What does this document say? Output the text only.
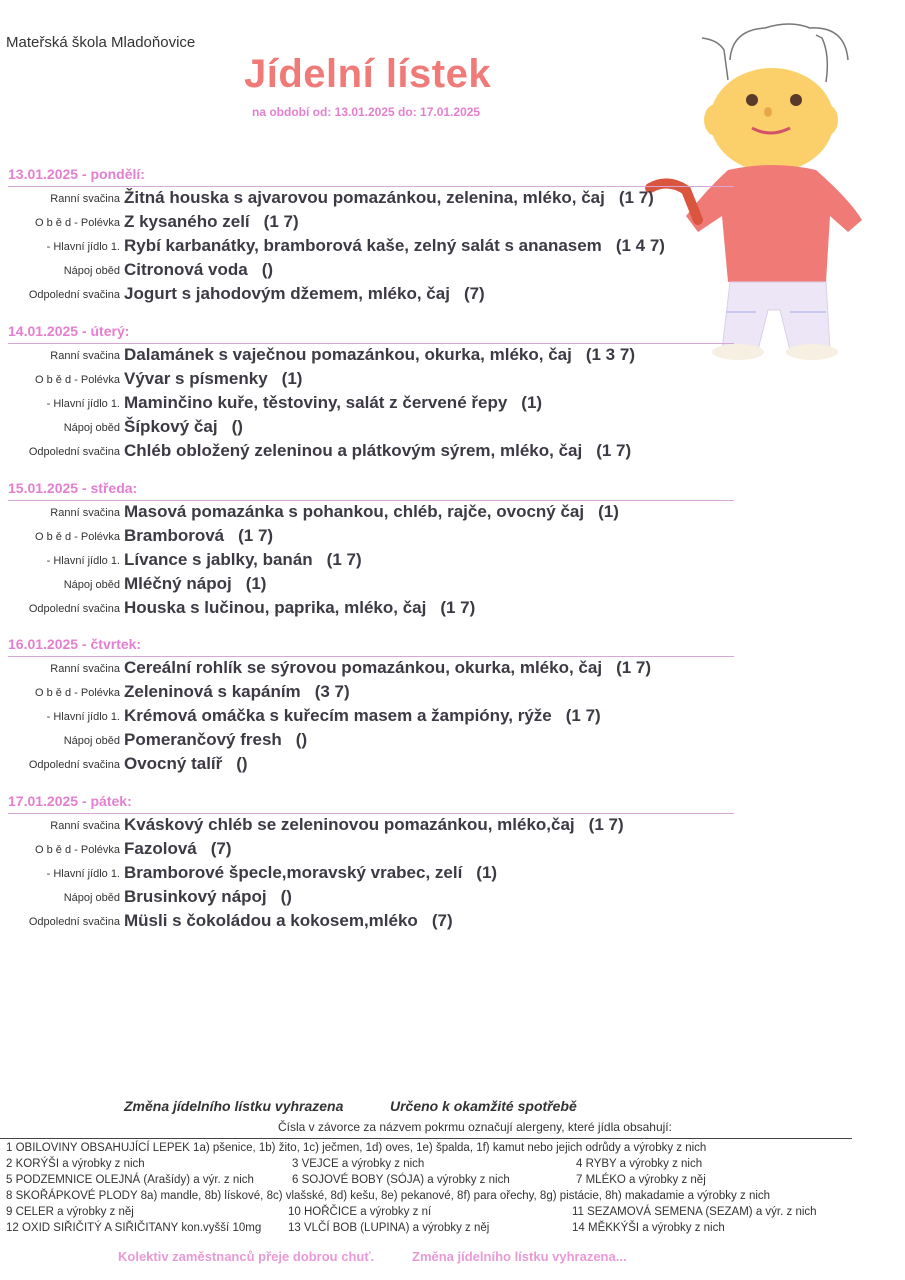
Mateřská škola Mladoňovice
Jídelní lístek
na období od: 13.01.2025 do: 17.01.2025
13.01.2025 - pondělí:
Ranní svačina Žitná houska s ajvarovou pomazánkou, zelenina, mléko, čaj (1 7)
O b ě d - Polévka Z kysaného zelí (1 7)
- Hlavní jídlo 1. Rybí karbanátky, bramborová kaše, zelný salát s ananasem (1 4 7)
Nápoj oběd Citronová voda ()
Odpolední svačina Jogurt s jahodovým džemem, mléko, čaj (7)
14.01.2025 - úterý:
Ranní svačina Dalamánek s vaječnou pomazánkou, okurka, mléko, čaj (1 3 7)
O b ě d - Polévka Vývar s písmenky (1)
- Hlavní jídlo 1. Maminčino kuře, těstoviny, salát z červené řepy (1)
Nápoj oběd Šípkový čaj ()
Odpolední svačina Chléb obložený zeleninou a plátkovým sýrem, mléko, čaj (1 7)
15.01.2025 - středa:
Ranní svačina Masová pomazánka s pohankou, chléb, rajče, ovocný čaj (1)
O b ě d - Polévka Bramborová (1 7)
- Hlavní jídlo 1. Lívance s jablky, banán (1 7)
Nápoj oběd Mléčný nápoj (1)
Odpolední svačina Houska s lučinou, paprika, mléko, čaj (1 7)
16.01.2025 - čtvrtek:
Ranní svačina Cereální rohlík se sýrovou pomazánkou, okurka, mléko, čaj (1 7)
O b ě d - Polévka Zeleninová s kapáním (3 7)
- Hlavní jídlo 1. Krémová omáčka s kuřecím masem a žampióny, rýže (1 7)
Nápoj oběd Pomerančový fresh ()
Odpolední svačina Ovocný talíř ()
17.01.2025 - pátek:
Ranní svačina Kváskový chléb se zeleninovou pomazánkou, mléko,čaj (1 7)
O b ě d - Polévka Fazolová (7)
- Hlavní jídlo 1. Bramborové špecle,moravský vrabec, zelí (1)
Nápoj oběd Brusinkový nápoj ()
Odpolední svačina Müsli s čokoládou a kokosem,mléko (7)
Změna jídelního lístku vyhrazena	Určeno k okamžité spotřebě
Čísla v závorce za názvem pokrmu označují alergeny, které jídla obsahují:
1 OBILOVINY OBSAHUJÍCÍ LEPEK 1a) pšenice, 1b) žito, 1c) ječmen, 1d) oves, 1e) špalda, 1f) kamut nebo jejich odrůdy a výrobky z nich
2 KORÝŠI a výrobky z nich	3 VEJCE a výrobky z nich	4 RYBY a výrobky z nich
5 PODZEMNICE OLEJNÁ (Arašídy) a výr. z nich	6 SOJOVÉ BOBY (SÓJA) a výrobky z nich	7 MLÉKO a výrobky z něj
8 SKOŘÁPKOVÉ PLODY 8a) mandle, 8b) lískové, 8c) vlašské, 8d) kešu, 8e) pekanové, 8f) para ořechy, 8g) pistácie, 8h) makadamie a výrobky z nich
9 CELER a výrobky z něj	10 HOŘČICE a výrobky z ní	11 SEZAMOVÁ SEMENA (SEZAM) a výr. z nich
12 OXID SIŘIČITÝ A SIŘIČITANY kon.vyšší 10mg 13 VLČÍ BOB (LUPINA) a výrobky z něj	14 MĚKKÝŠI a výrobky z nich
Kolektiv zaměstnanců přeje dobrou chuť.	Změna jídelního lístku vyhrazena...
